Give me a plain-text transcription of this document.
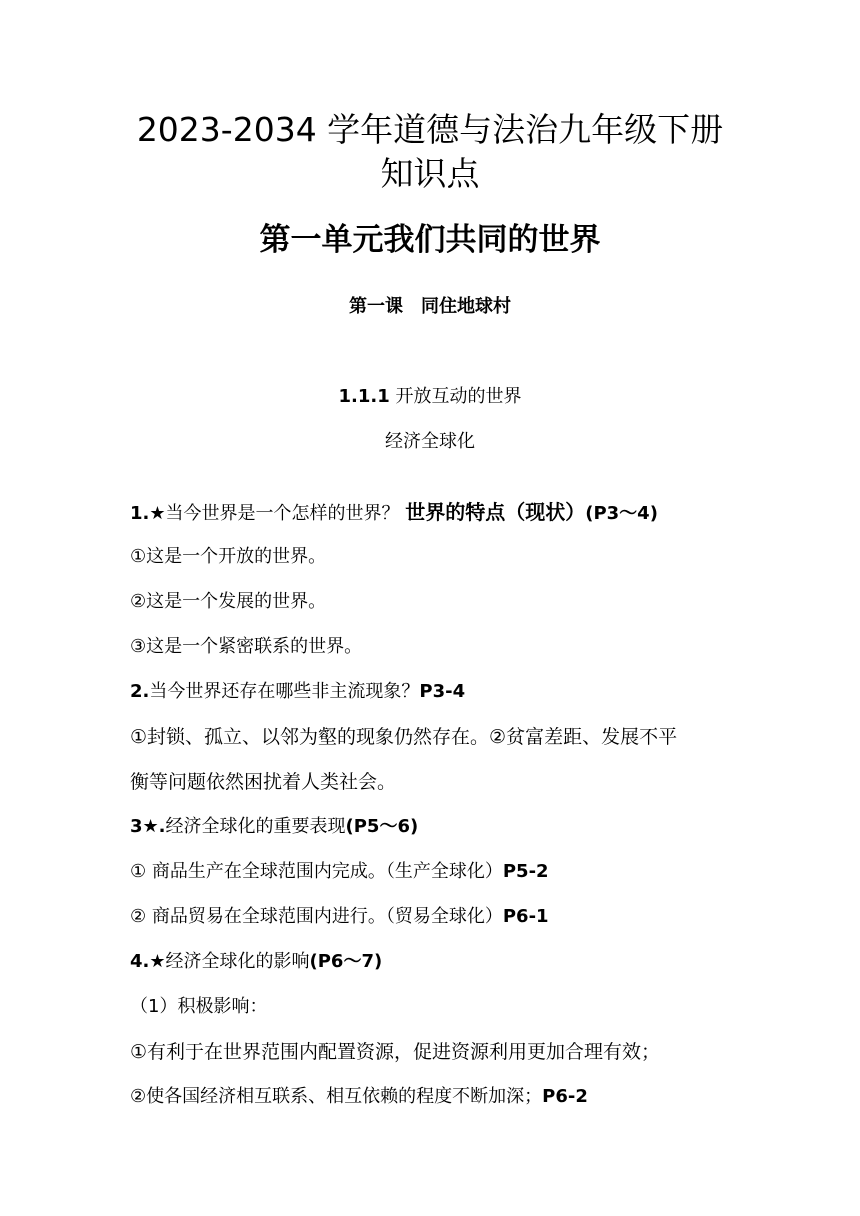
2023-2034 学年道德与法治九年级下册
知识点
第一单元我们共同的世界
第一课　同住地球村
1.1.1 开放互动的世界
经济全球化
1.★当今世界是一个怎样的世界？ 世界的特点（现状）(P3～4)
①这是一个开放的世界。
②这是一个发展的世界。
③这是一个紧密联系的世界。
2.当今世界还存在哪些非主流现象？P3-4
①封锁、孤立、以邻为壑的现象仍然存在。②贫富差距、发展不平
衡等问题依然困扰着人类社会。
3★.经济全球化的重要表现(P5～6)
① 商品生产在全球范围内完成。（生产全球化）P5-2
② 商品贸易在全球范围内进行。（贸易全球化）P6-1
4.★经济全球化的影响(P6～7)
（1）积极影响：
①有利于在世界范围内配置资源，促进资源利用更加合理有效；
②使各国经济相互联系、相互依赖的程度不断加深；P6-2
